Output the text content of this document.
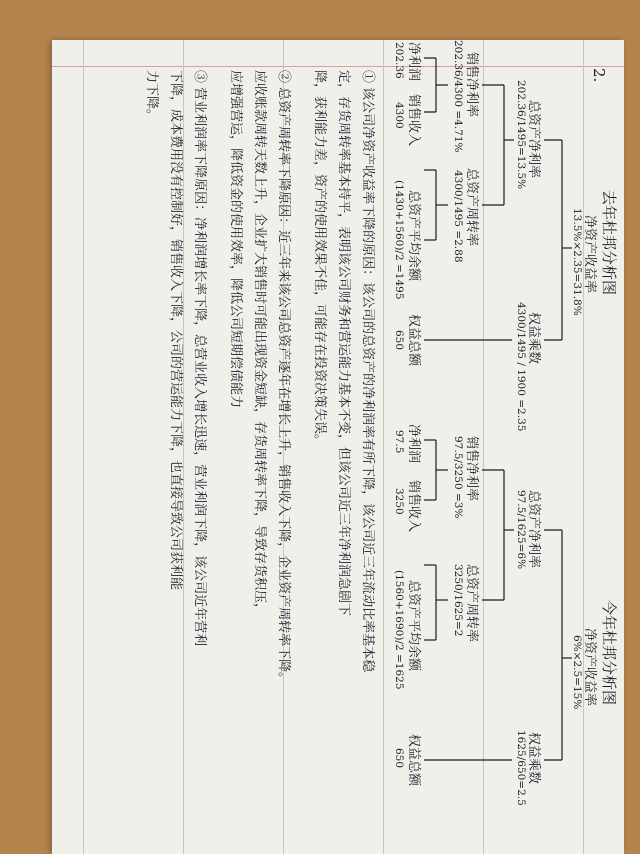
2.
去年杜邦分析图
净资产收益率
13.5%×2.35=31.8%
总资产净利率
202.36/1495=13.5%
权益乘数
4300/1495 / 1900 =2.35
销售净利率
202.36/4300 =4.71%
总资产周转率
4300/1495 =2.88
净利润
202.36
销售收入
4300
总资产平均余额
(1430+1560)/2 =1495
权益总额
650
今年杜邦分析图
净资产收益率
6%×2.5=15%
总资产净利率
97.5/1625=6%
权益乘数
1625/650=2.5
销售净利率
97.5/3250 =3%
总资产周转率
3250/1625=2
净利润
97.5
销售收入
3250
总资产平均余额
(1560+1690)/2 =1625
权益总额
650
① 该公司净资产收益率下降的原因：该公司的总资产的净利润率有所下降，该公司近三年流动比率基本稳
定，存货周转率基本持平，表明该公司财务和营运能力基本不变，但该公司近三年净利润急剧下
降，获利能力差，资产的使用效果不佳，可能存在投资决策失误。
② 总资产周转率下降原因：近三年来该公司总资产逐年在增长上升，销售收入下降，企业资产周转率下降。
应收账款周转天数上升，企业扩大销售时可能出现资金短缺，存货周转率下降，导致存货积压，
应增强营运，降低资金的使用效率，降低公司短期偿债能力
③ 营业利润率下降原因：净利润增长率下降，总营业收入增长迅速，营业利润下降，该公司近年营利
下降，成本费用没有控制好，销售收入下降，公司的营运能力下降，也直接导致公司获利能
力下降。
